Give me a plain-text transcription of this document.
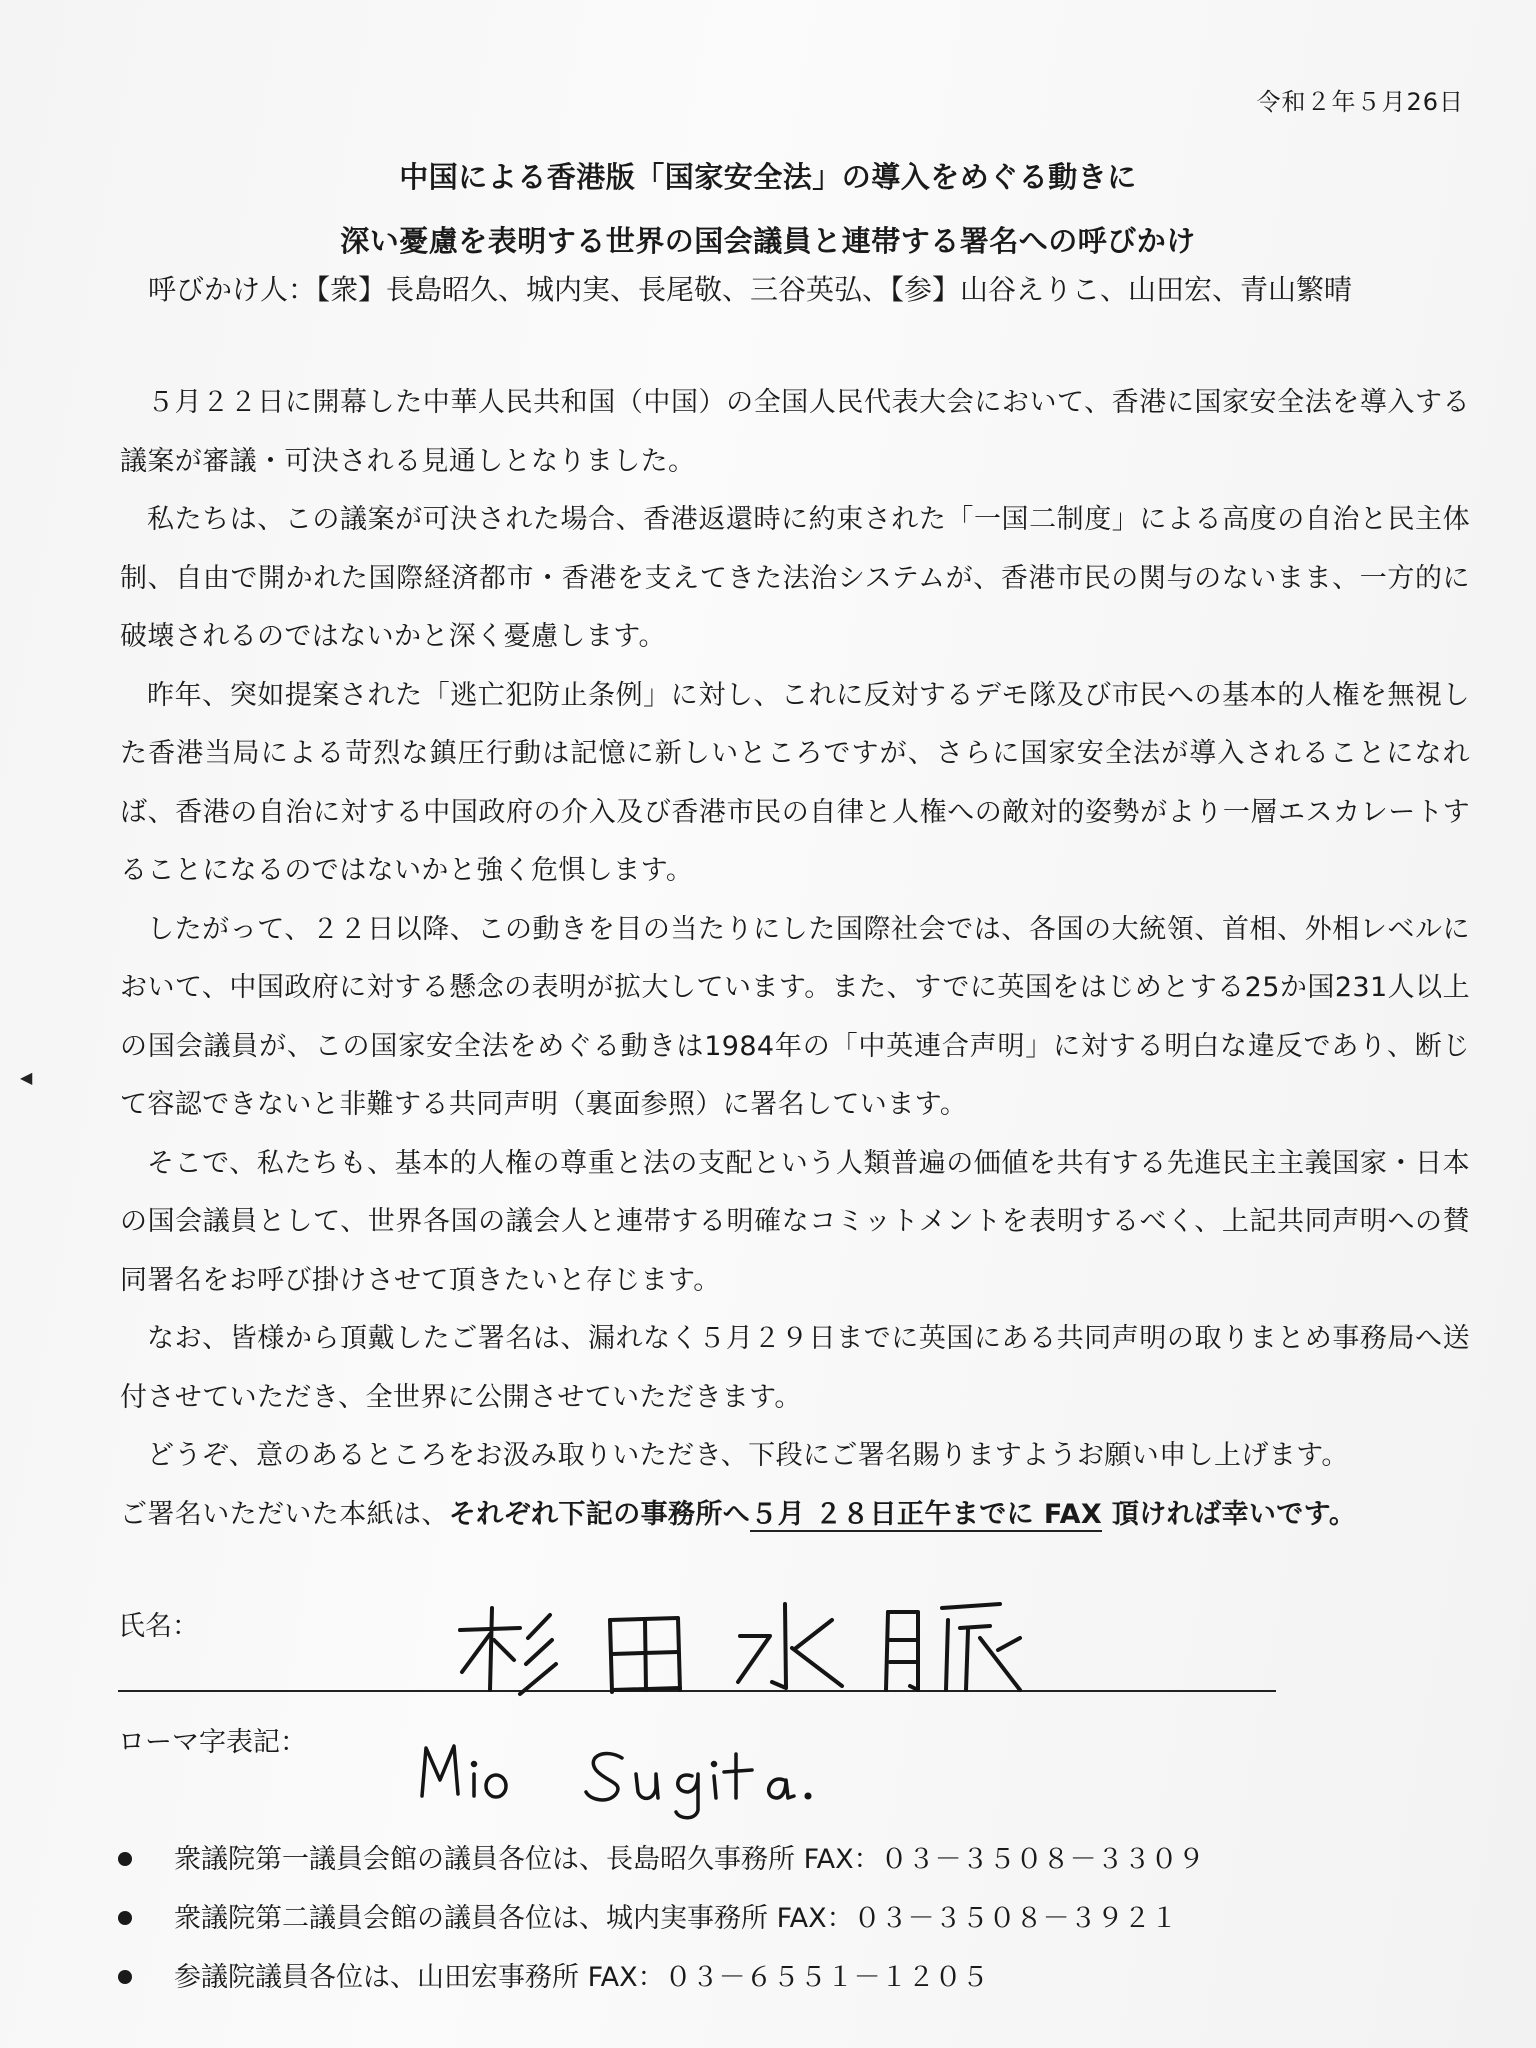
令和２年５月26日
中国による香港版「国家安全法」の導入をめぐる動きに
深い憂慮を表明する世界の国会議員と連帯する署名への呼びかけ
呼びかけ人：【衆】長島昭久、城内実、長尾敬、三谷英弘、【参】山谷えりこ、山田宏、青山繁晴
◀

５月２２日に開幕した中華人民共和国（中国）の全国人民代表大会において、香港に国家安全法を導入する議案が審議・可決される見通しとなりました。

私たちは、この議案が可決された場合、香港返還時に約束された「一国二制度」による高度の自治と民主体制、自由で開かれた国際経済都市・香港を支えてきた法治システムが、香港市民の関与のないまま、一方的に破壊されるのではないかと深く憂慮します。

昨年、突如提案された「逃亡犯防止条例」に対し、これに反対するデモ隊及び市民への基本的人権を無視した香港当局による苛烈な鎮圧行動は記憶に新しいところですが、さらに国家安全法が導入されることになれば、香港の自治に対する中国政府の介入及び香港市民の自律と人権への敵対的姿勢がより一層エスカレートすることになるのではないかと強く危惧します。

したがって、２２日以降、この動きを目の当たりにした国際社会では、各国の大統領、首相、外相レベルにおいて、中国政府に対する懸念の表明が拡大しています。また、すでに英国をはじめとする25か国231人以上の国会議員が、この国家安全法をめぐる動きは1984年の「中英連合声明」に対する明白な違反であり、断じて容認できないと非難する共同声明（裏面参照）に署名しています。

そこで、私たちも、基本的人権の尊重と法の支配という人類普遍の価値を共有する先進民主主義国家・日本の国会議員として、世界各国の議会人と連帯する明確なコミットメントを表明するべく、上記共同声明への賛同署名をお呼び掛けさせて頂きたいと存じます。

なお、皆様から頂戴したご署名は、漏れなく５月２９日までに英国にある共同声明の取りまとめ事務局へ送付させていただき、全世界に公開させていただきます。

どうぞ、意のあるところをお汲み取りいただき、下段にご署名賜りますようお願い申し上げます。

ご署名いただいた本紙は、それぞれ下記の事務所へ５月 ２８日正午までに FAX 頂ければ幸いです。

氏名：
ローマ字表記：
衆議院第一議員会館の議員各位は、長島昭久事務所 FAX：０３－３５０８－３３０９
衆議院第二議員会館の議員各位は、城内実事務所 FAX：０３－３５０８－３９２１
参議院議員各位は、山田宏事務所 FAX：０３－６５５１－１２０５
